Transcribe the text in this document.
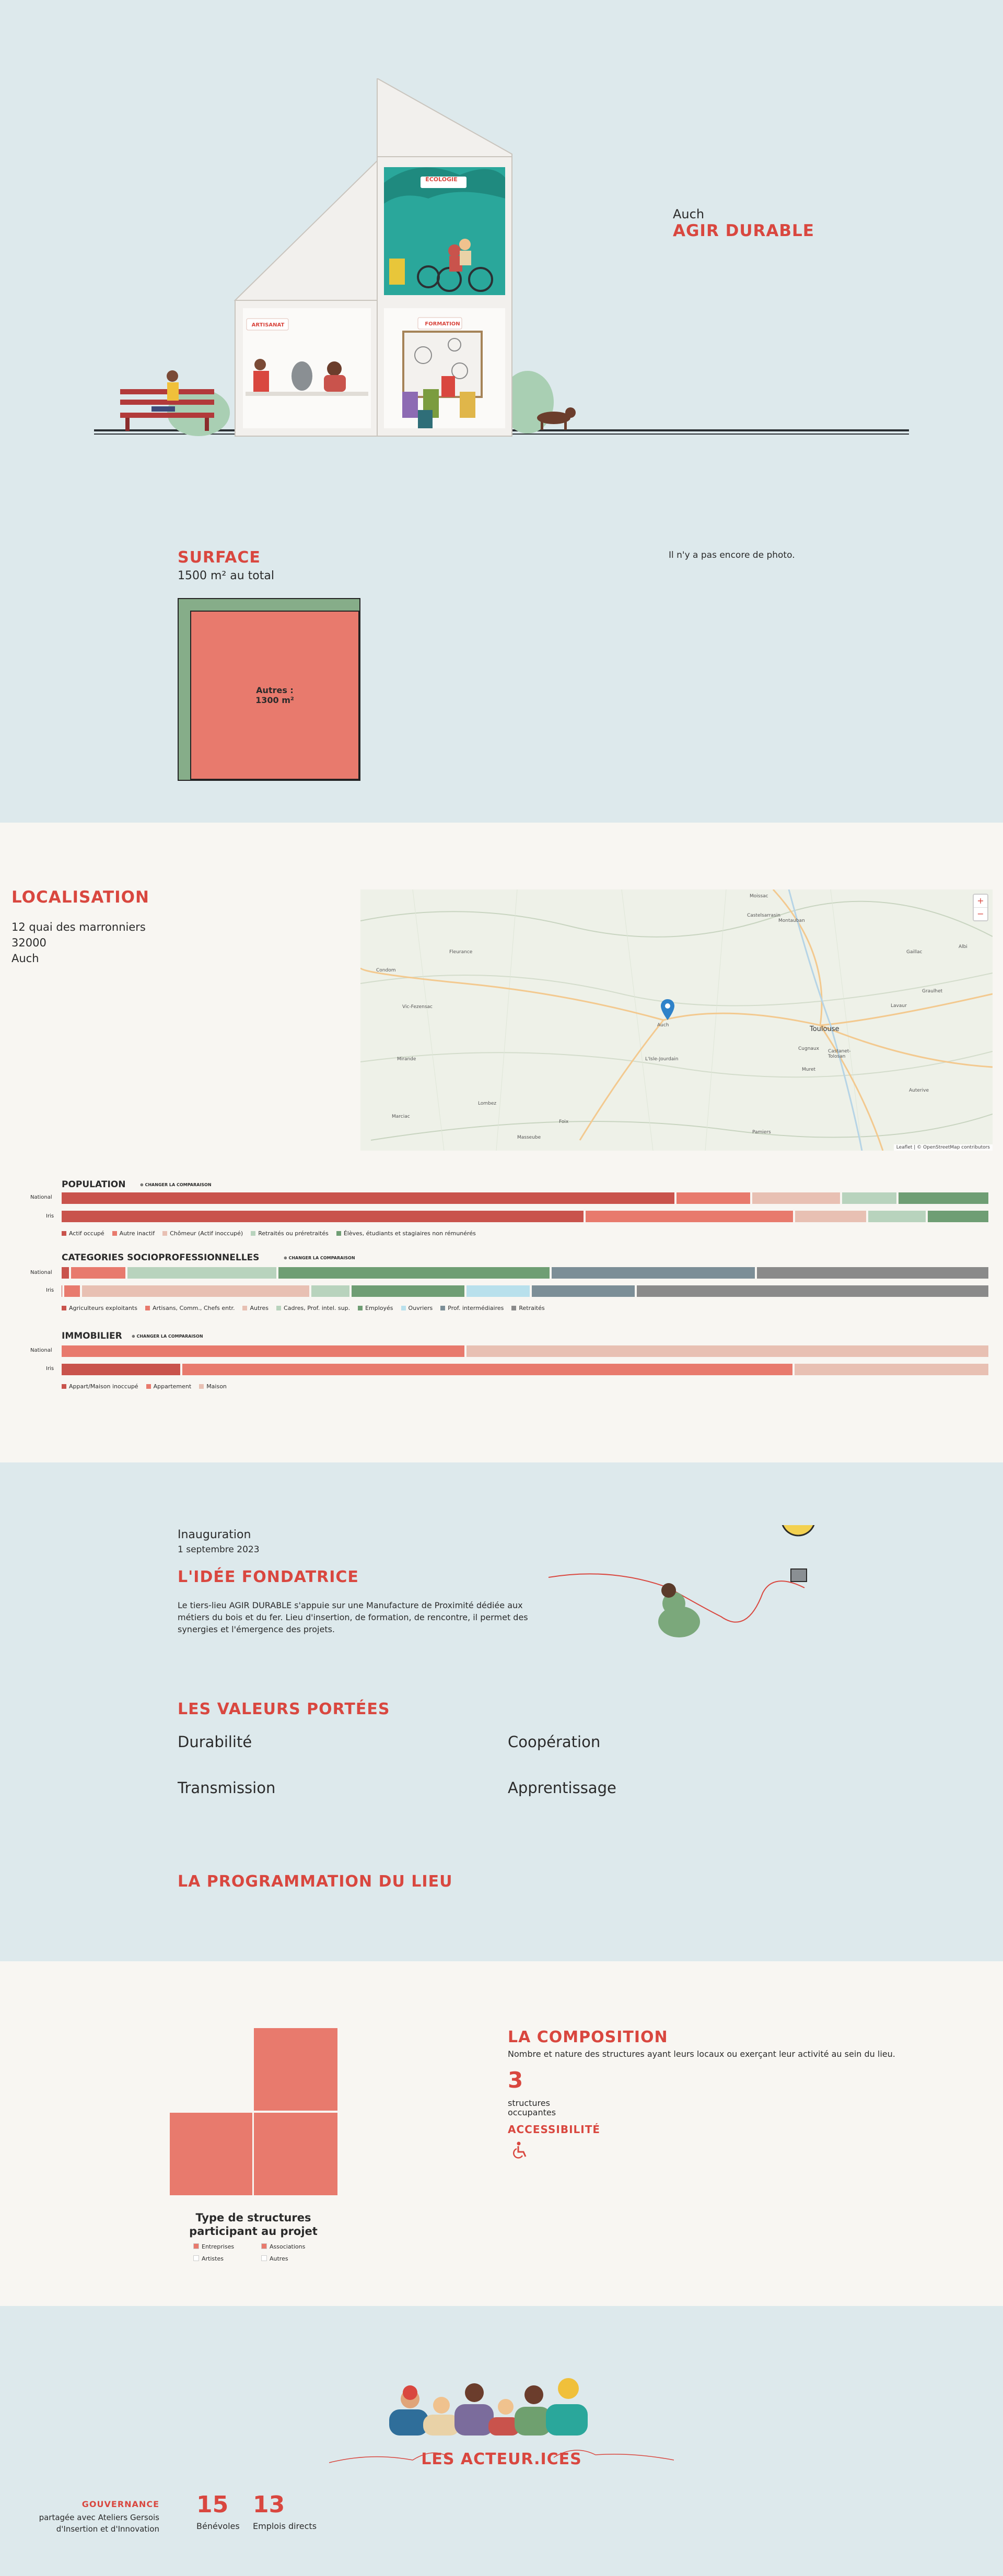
ÉCOLOGIE
ARTISANAT	FORMATION
Auch
AGIR DURABLE
SURFACE
1500 m² au total
Autres :
1300 m²
Il n'y a pas encore de photo.
LOCALISATION
12 quai des marronniers
32000
Auch
Moissac
Castelsarrasin
Montauban
Gaillac
Albi
Lavaur
Graulhet
Toulouse
Cugnaux Castanet-Tolosan
Muret
Auterive
Pamiers
Foix
Lombez
L'Isle-Jourdain
Fleurance
Auch
Vic-Fezensac
Condom
Mirande
Marciac
Masseube
+
−
Leaflet | © OpenStreetMap contributors
POPULATION	⊕ CHANGER LA COMPARAISON
National
Iris
Actif occupé	Autre inactif	Chômeur (Actif inoccupé)	Retraités ou préretraités	Élèves, étudiants et stagiaires non rémunérés
CATEGORIES SOCIOPROFESSIONNELLES	⊕ CHANGER LA COMPARAISON
National
Iris
Agriculteurs exploitants	Artisans, Comm., Chefs entr.	Autres	Cadres, Prof. intel. sup.	Employés	Ouvriers	Prof. intermédiaires	Retraités
IMMOBILIER ⊕ CHANGER LA COMPARAISON
National
Iris
Appart/Maison inoccupé	Appartement	Maison
Inauguration
1 septembre 2023
L'IDÉE FONDATRICE
Le tiers-lieu AGIR DURABLE s'appuie sur une Manufacture de Proximité dédiée aux métiers du bois et du fer. Lieu d'insertion, de formation, de rencontre, il permet des synergies et l'émergence des projets.
LES VALEURS PORTÉES
Durabilité	Coopération
Transmission	Apprentissage
LA PROGRAMMATION DU LIEU
Type de structures participant au projet
Entreprises	Associations
Artistes	Autres
LA COMPOSITION
Nombre et nature des structures ayant leurs locaux ou exerçant leur activité au sein du lieu.
3
structures
occupantes
ACCESSIBILITÉ
LES ACTEUR.ICES
GOUVERNANCE
partagée avec Ateliers Gersois
d'Insertion et d'Innovation
15
Bénévoles
13
Emplois directs
